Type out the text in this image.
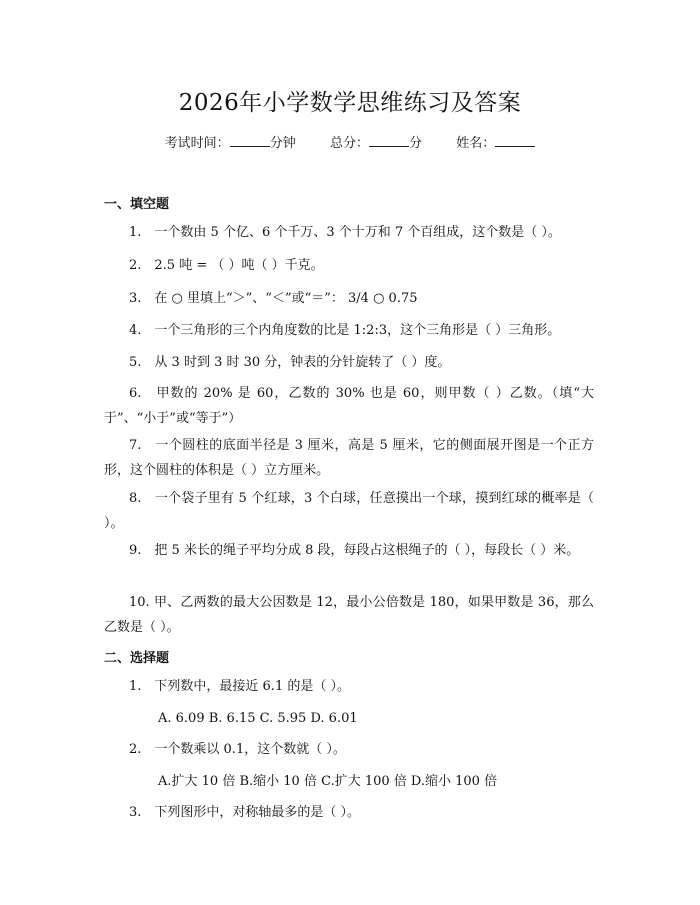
2026年小学数学思维练习及答案
考试时间：	分钟	总分：	分	姓名：
一、填空题
1.　一个数由 5 个亿、6 个千万、3 个十万和 7 个百组成，这个数是（ ）。
2.　2.5 吨 = （ ）吨（ ）千克。
3.　在 ○ 里填上“＞”、“＜”或“＝”： 3/4 ○ 0.75
4.　一个三角形的三个内角度数的比是 1:2:3，这个三角形是（ ）三角形。
5.　从 3 时到 3 时 30 分，钟表的分针旋转了（ ）度。
6.　甲数的 20% 是 60，乙数的 30% 也是 60，则甲数（ ）乙数。（填“大于”、“小于”或“等于”）
7.　一个圆柱的底面半径是 3 厘米，高是 5 厘米，它的侧面展开图是一个正方形，这个圆柱的体积是（ ）立方厘米。
8.　一个袋子里有 5 个红球，3 个白球，任意摸出一个球，摸到红球的概率是（ ）。
9.　把 5 米长的绳子平均分成 8 段，每段占这根绳子的（ ），每段长（ ）米。
10. 甲、乙两数的最大公因数是 12，最小公倍数是 180，如果甲数是 36，那么乙数是（ ）。
二、选择题
1.　下列数中，最接近 6.1 的是（ ）。
A. 6.09 B. 6.15 C. 5.95 D. 6.01
2.　一个数乘以 0.1，这个数就（ ）。
A.扩大 10 倍 B.缩小 10 倍 C.扩大 100 倍 D.缩小 100 倍
3.　下列图形中，对称轴最多的是（ ）。
